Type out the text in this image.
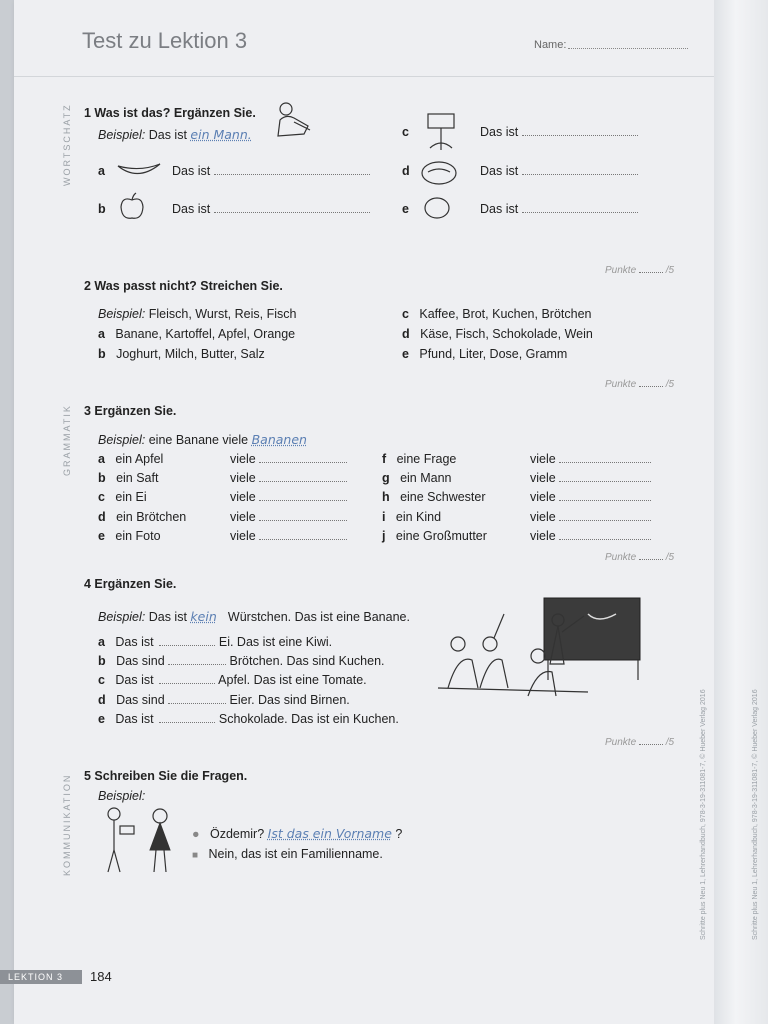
Test zu Lektion 3	Name:
WORTSCHATZ
GRAMMATIK
KOMMUNIKATION
1 Was ist das? Ergänzen Sie.
Beispiel: Das ist ein Mann.
a	Das ist
b	Das ist
c	Das ist
d	Das ist
e	Das ist
Punkte	/5
2 Was passt nicht? Streichen Sie.
Beispiel: Fleisch, Wurst, Reis, Fisch
a Banane, Kartoffel, Apfel, Orange
b Joghurt, Milch, Butter, Salz
c Kaffee, Brot, Kuchen, Brötchen
d Käse, Fisch, Schokolade, Wein
e Pfund, Liter, Dose, Gramm
Punkte	/5
3 Ergänzen Sie.
Beispiel: eine Banane viele Bananen
a ein Apfel	viele
b ein Saft	viele
c ein Ei	viele
d ein Brötchen	viele
e ein Foto	viele
f eine Frage	viele
g ein Mann	viele
h eine Schwester	viele
i ein Kind	viele
j eine Großmutter	viele
Punkte	/5
4 Ergänzen Sie.
Beispiel: Das ist kein Würstchen. Das ist eine Banane.
a Das ist	Ei. Das ist eine Kiwi.
b Das sind	Brötchen. Das sind Kuchen.
c Das ist	Apfel. Das ist eine Tomate.
d Das sind	Eier. Das sind Birnen.
e Das ist	Schokolade. Das ist ein Kuchen.
Punkte	/5
5 Schreiben Sie die Fragen.
Beispiel:
● Özdemir? Ist das ein Vorname ?
■ Nein, das ist ein Familienname.
LEKTION 3	184
Schritte plus Neu 1, Lehrerhandbuch, 978-3-19-311081-7, © Hueber Verlag 2016	Schritte plus Neu 1, Lehrerhandbuch, 978-3-19-311081-7, © Hueber Verlag 2016
